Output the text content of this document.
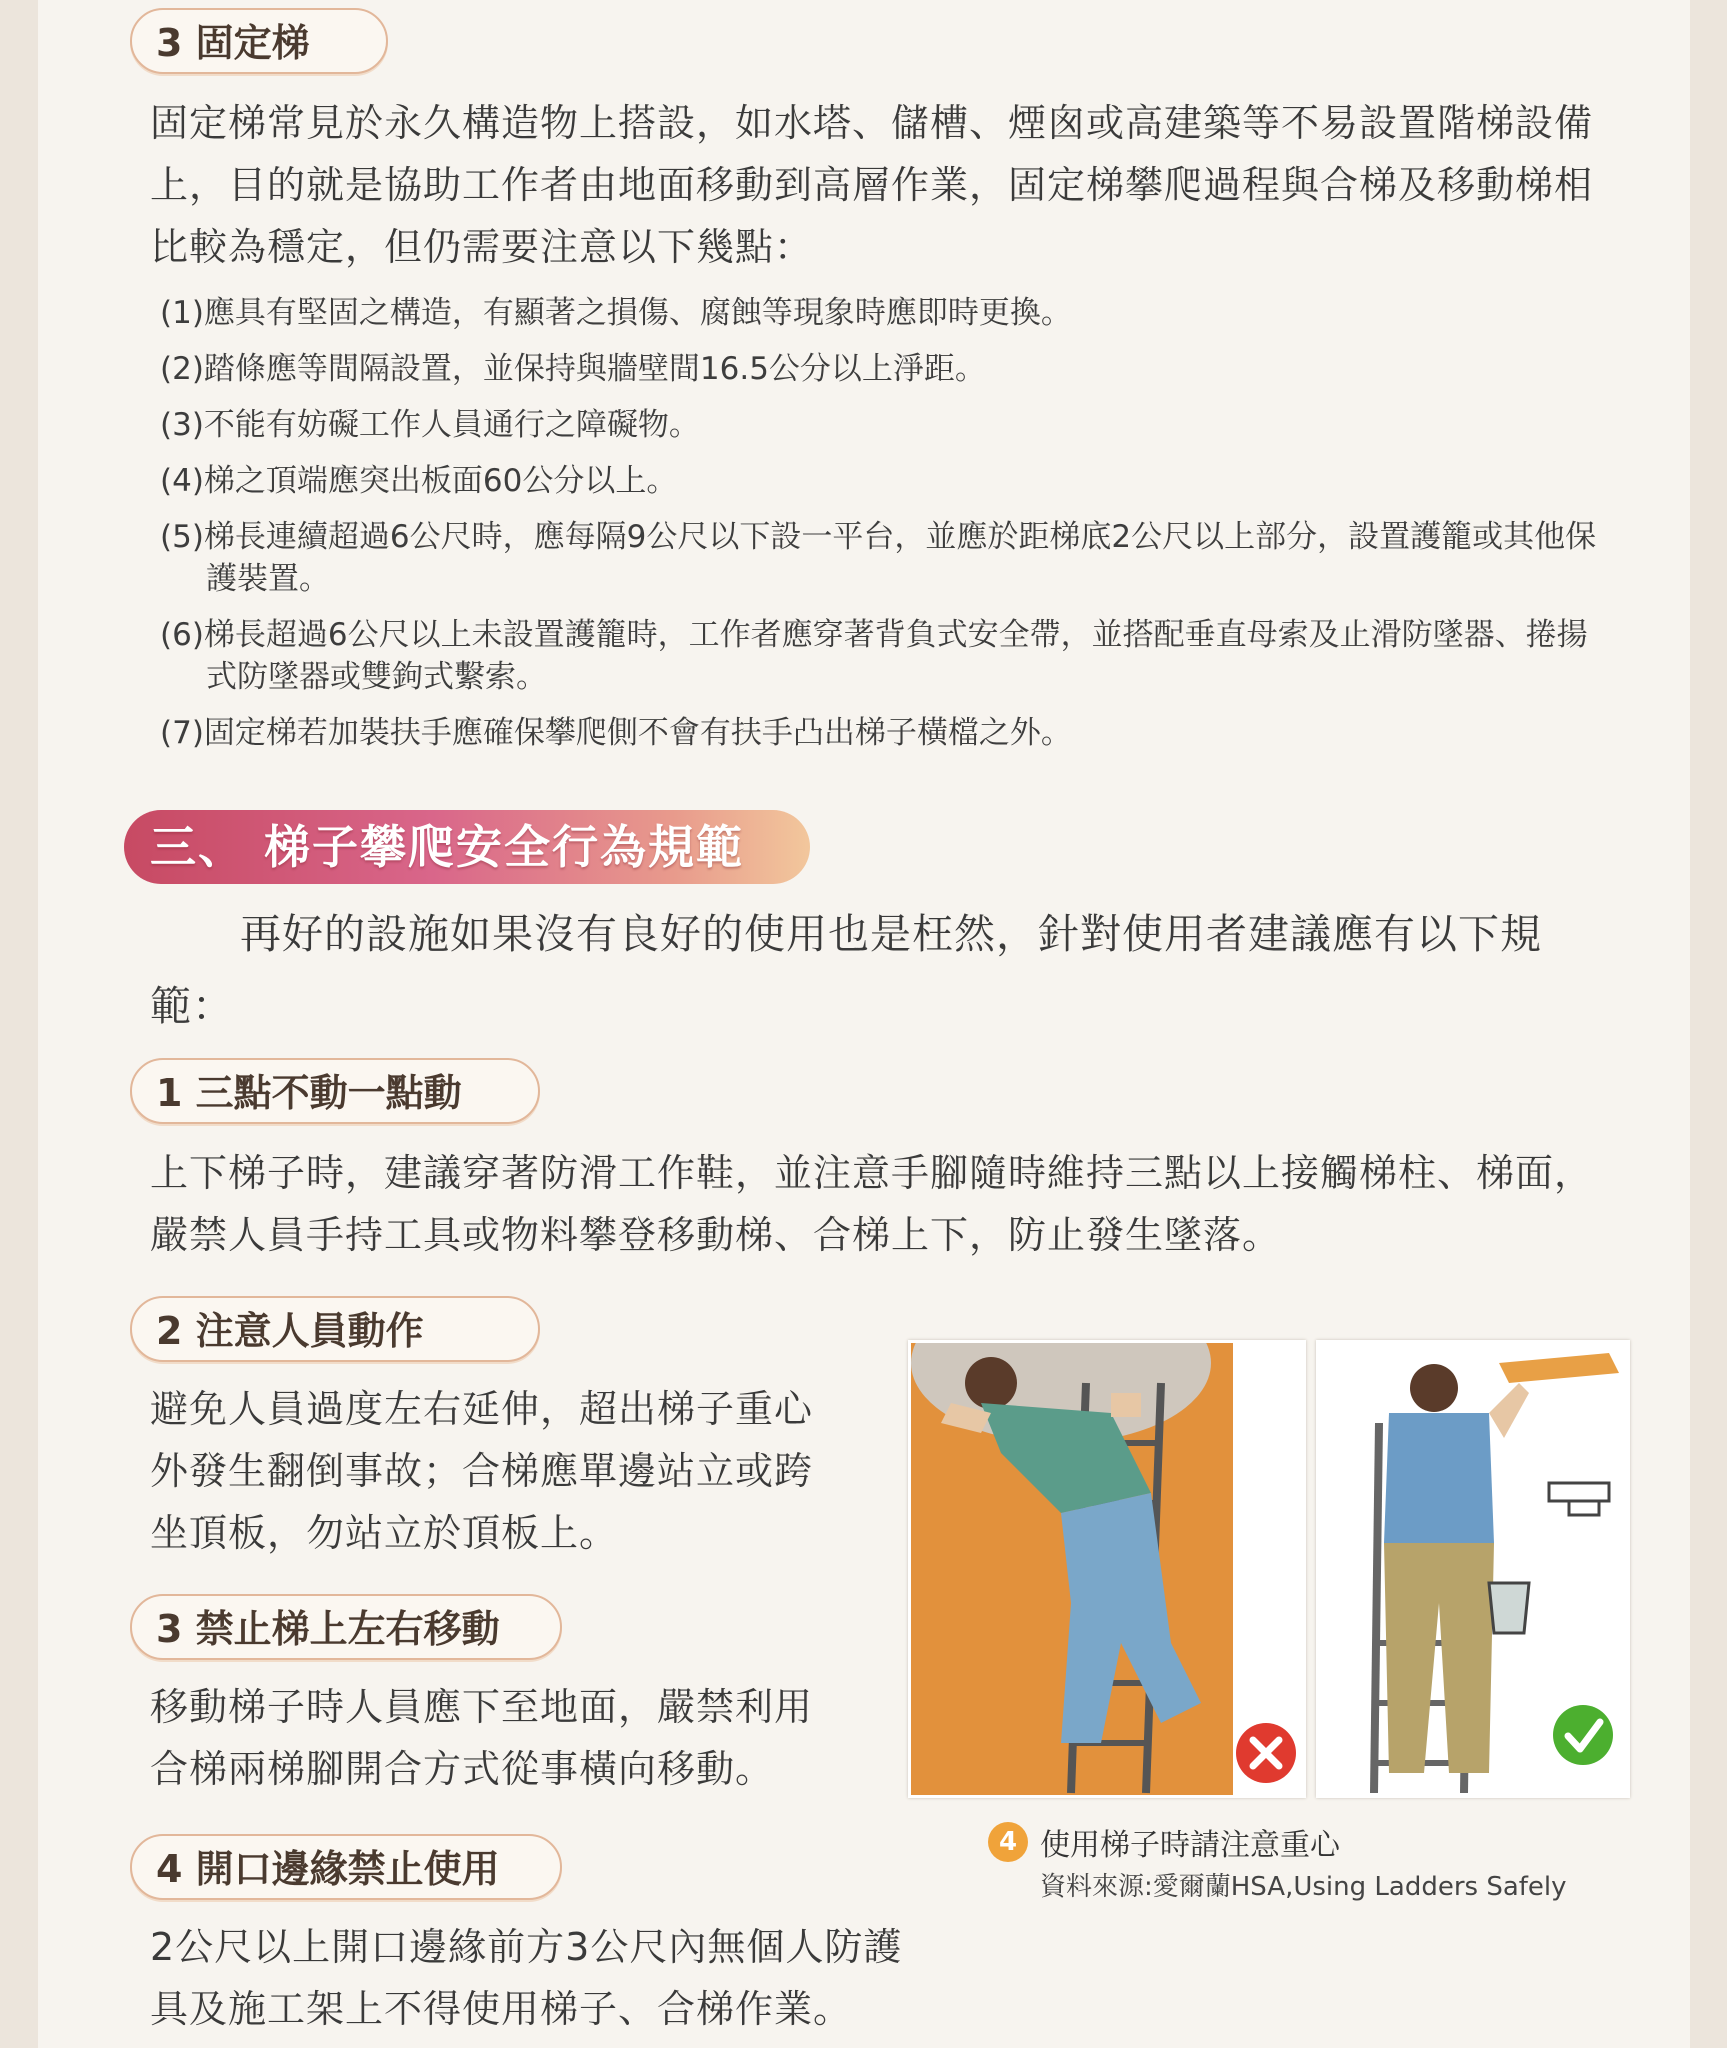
3 固定梯

固定梯常見於永久構造物上搭設，如水塔、儲槽、煙囪或高建築等不易設置階梯設備上，目的就是協助工作者由地面移動到高層作業，固定梯攀爬過程與合梯及移動梯相比較為穩定，但仍需要注意以下幾點：

(1)應具有堅固之構造，有顯著之損傷、腐蝕等現象時應即時更換。
(2)踏條應等間隔設置，並保持與牆壁間16.5公分以上淨距。
(3)不能有妨礙工作人員通行之障礙物。
(4)梯之頂端應突出板面60公分以上。
(5)梯長連續超過6公尺時，應每隔9公尺以下設一平台，並應於距梯底2公尺以上部分，設置護籠或其他保護裝置。
(6)梯長超過6公尺以上未設置護籠時，工作者應穿著背負式安全帶，並搭配垂直母索及止滑防墜器、捲揚式防墜器或雙鉤式繫索。
(7)固定梯若加裝扶手應確保攀爬側不會有扶手凸出梯子橫檔之外。
三、 梯子攀爬安全行為規範

再好的設施如果沒有良好的使用也是枉然，針對使用者建議應有以下規範：

1 三點不動一點動

上下梯子時，建議穿著防滑工作鞋，並注意手腳隨時維持三點以上接觸梯柱、梯面，嚴禁人員手持工具或物料攀登移動梯、合梯上下，防止發生墜落。

2 注意人員動作

避免人員過度左右延伸，超出梯子重心外發生翻倒事故；合梯應單邊站立或跨坐頂板，勿站立於頂板上。

3 禁止梯上左右移動

移動梯子時人員應下至地面，嚴禁利用合梯兩梯腳開合方式從事橫向移動。

4 開口邊緣禁止使用

2公尺以上開口邊緣前方3公尺內無個人防護具及施工架上不得使用梯子、合梯作業。

4 使用梯子時請注意重心
資料來源:愛爾蘭HSA,Using Ladders Safely
